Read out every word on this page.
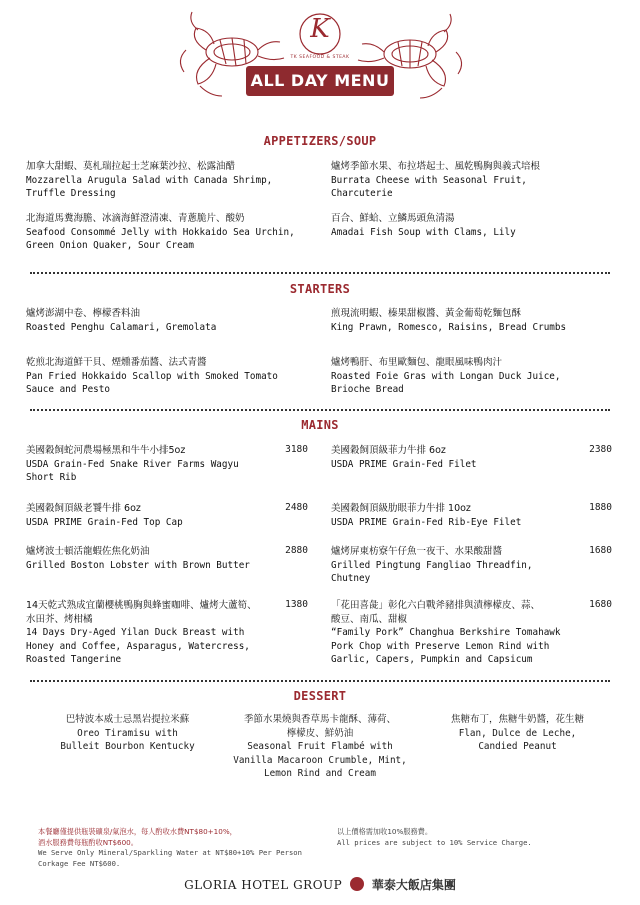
K
TK SEAFOOD & STEAK
ALL DAY MENU
APPETIZERS/SOUP
加拿大甜蝦、莫札瑞拉起士芝麻葉沙拉、松露油醋
Mozzarella Arugula Salad with Canada Shrimp,
Truffle Dressing
爐烤季節水果、布拉塔起士、風乾鴨胸與義式培根
Burrata Cheese with Seasonal Fruit,
Charcuterie
北海道馬糞海膽、冰滴海鮮澄清凍、青蔥脆片、酸奶
Seafood Consommé Jelly with Hokkaido Sea Urchin,
Green Onion Quaker, Sour Cream
百合、鮮蛤、立鱗馬頭魚清湯
Amadai Fish Soup with Clams, Lily
STARTERS
爐烤澎湖中卷、檸檬香料油
Roasted Penghu Calamari, Gremolata
煎現流明蝦、榛果甜椒醬、黃金葡萄乾麵包酥
King Prawn, Romesco, Raisins, Bread Crumbs
乾煎北海道鮮干貝、煙燻番茄醬、法式青醬
Pan Fried Hokkaido Scallop with Smoked Tomato
Sauce and Pesto
爐烤鴨肝、布里歐麵包、龍眼風味鴨肉汁
Roasted Foie Gras with Longan Duck Juice,
Brioche Bread
MAINS
美國穀飼蛇河農場極黑和牛牛小排5oz
USDA Grain-Fed Snake River Farms Wagyu
Short Rib
3180 美國穀飼頂級菲力牛排 6oz
USDA PRIME Grain-Fed Filet
2380
美國穀飼頂級老饕牛排 6oz
USDA PRIME Grain-Fed Top Cap
2480 美國穀飼頂級肋眼菲力牛排 10oz
USDA PRIME Grain-Fed Rib-Eye Filet
1880
爐烤波士頓活龍蝦佐焦化奶油
Grilled Boston Lobster with Brown Butter
2880 爐烤屏東枋寮午仔魚一夜干、水果酸甜醬
Grilled Pingtung Fangliao Threadfin,
Chutney
1680
14天乾式熟成宜蘭櫻桃鴨胸與蜂蜜咖啡、爐烤大蘆筍、
水田芥、烤柑橘
14 Days Dry-Aged Yilan Duck Breast with
Honey and Coffee, Asparagus, Watercress,
Roasted Tangerine
1380 「花田喜彘」彰化六白戰斧豬排與漬檸檬皮、蒜、
酸豆、南瓜、甜椒
“Family Pork” Changhua Berkshire Tomahawk
Pork Chop with Preserve Lemon Rind with
Garlic, Capers, Pumpkin and Capsicum
1680
DESSERT
巴特波本威士忌黑岩提拉米蘇
Oreo Tiramisu with
Bulleit Bourbon Kentucky
季節水果燒與香草馬卡龍酥、薄荷、
檸檬皮、鮮奶油
Seasonal Fruit Flambé with
Vanilla Macaroon Crumble, Mint,
Lemon Rind and Cream
焦糖布丁，焦糖牛奶醬，花生糖
Flan, Dulce de Leche,
Candied Peanut
本餐廳僅提供瓶裝礦泉/氣泡水，每人酌收水費NT$80+10%，
酒水服務費每瓶酌收NT$600。
We Serve Only Mineral/Sparkling Water at NT$80+10% Per Person
Corkage Fee NT$600.
以上價格需加收10%服務費。
All prices are subject to 10% Service Charge.
GLORIA HOTEL GROUP 華泰大飯店集團
